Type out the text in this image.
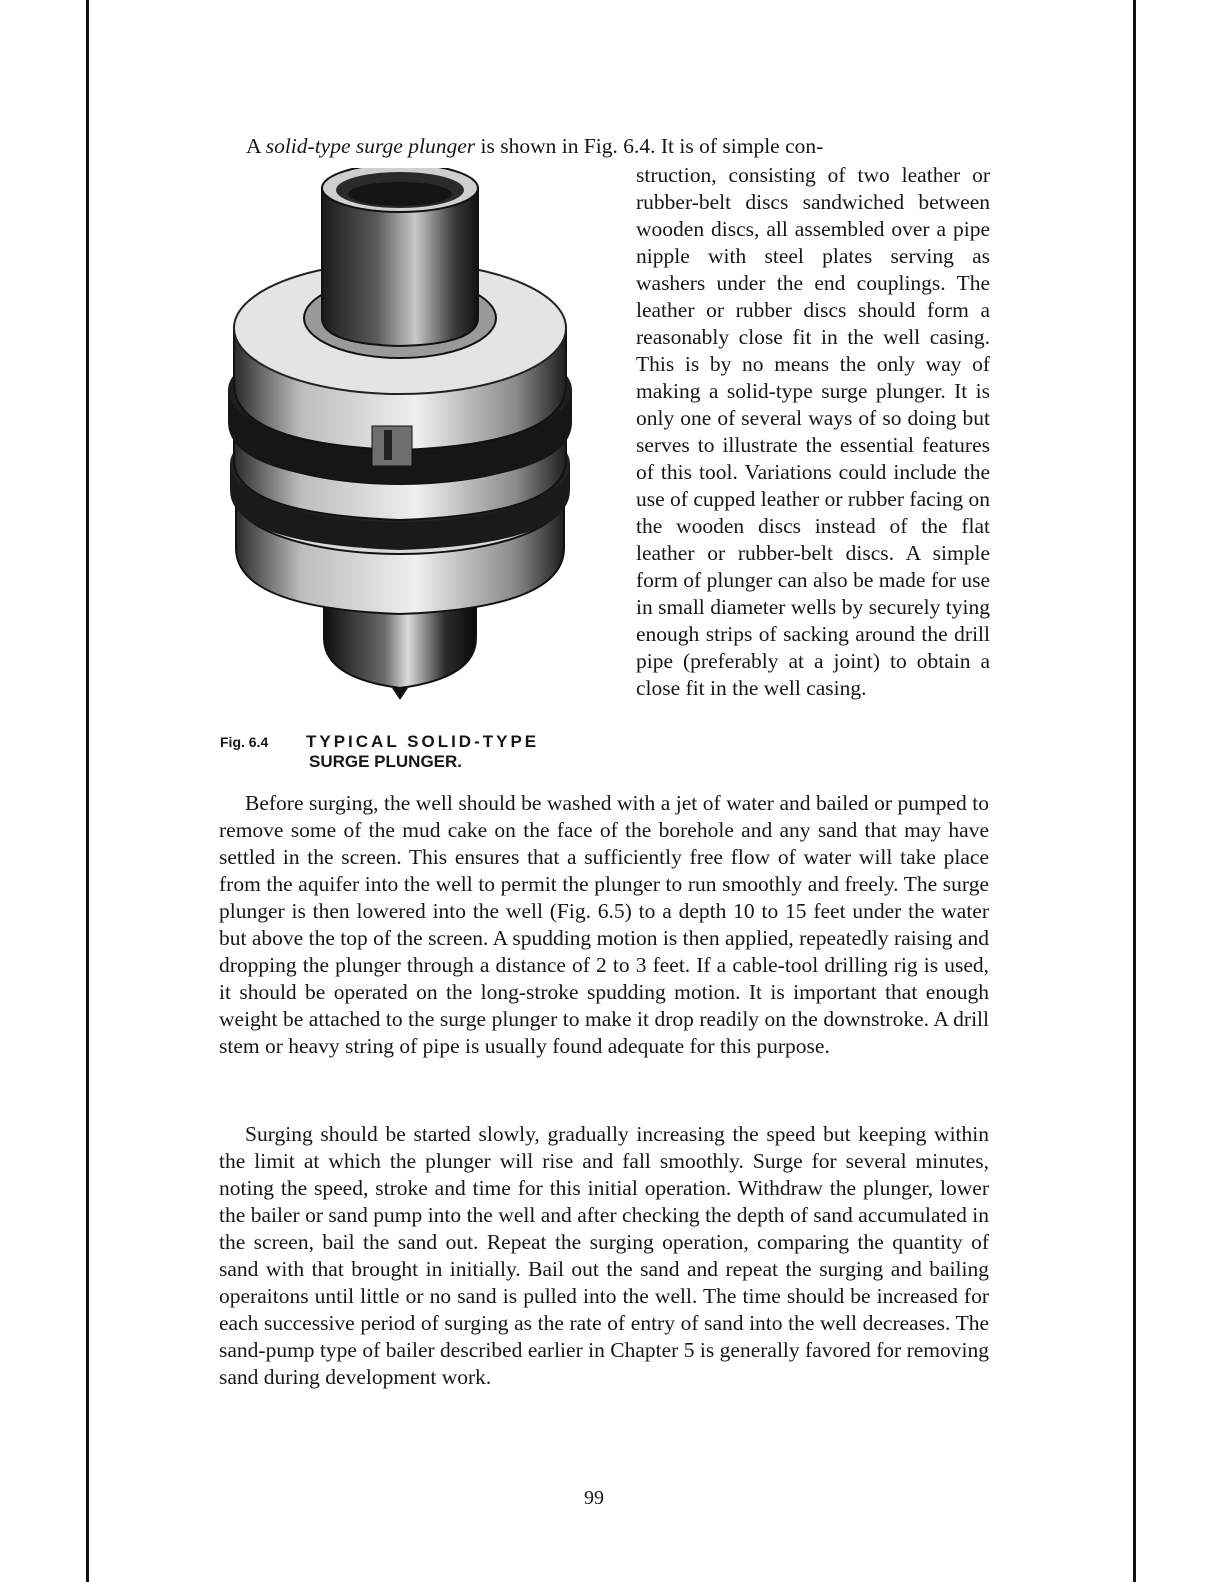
A solid-type surge plunger is shown in Fig. 6.4. It is of simple con-
struction, consisting of two leather or rubber-belt discs sandwiched between wooden discs, all assembled over a pipe nipple with steel plates serving as washers under the end couplings. The leather or rubber discs should form a reasonably close fit in the well casing. This is by no means the only way of making a solid-type surge plunger. It is only one of several ways of so doing but serves to illustrate the essential features of this tool. Variations could include the use of cupped leather or rubber facing on the wooden discs instead of the flat leather or rubber-belt discs. A simple form of plunger can also be made for use in small diameter wells by securely tying enough strips of sacking around the drill pipe (preferably at a joint) to obtain a close fit in the well casing.
Fig. 6.4 TYPICAL SOLID-TYPE
SURGE PLUNGER.

Before surging, the well should be washed with a jet of water and bailed or pumped to remove some of the mud cake on the face of the borehole and any sand that may have settled in the screen. This ensures that a sufficiently free flow of water will take place from the aquifer into the well to permit the plunger to run smoothly and freely. The surge plunger is then lowered into the well (Fig. 6.5) to a depth 10 to 15 feet under the water but above the top of the screen. A spudding motion is then applied, repeatedly raising and dropping the plunger through a distance of 2 to 3 feet. If a cable-tool drilling rig is used, it should be operated on the long-stroke spudding motion. It is important that enough weight be attached to the surge plunger to make it drop readily on the downstroke. A drill stem or heavy string of pipe is usually found adequate for this purpose.

Surging should be started slowly, gradually increasing the speed but keeping within the limit at which the plunger will rise and fall smoothly. Surge for several minutes, noting the speed, stroke and time for this initial operation. Withdraw the plunger, lower the bailer or sand pump into the well and after checking the depth of sand accumulated in the screen, bail the sand out. Repeat the surging operation, comparing the quantity of sand with that brought in initially. Bail out the sand and repeat the surging and bailing operaitons until little or no sand is pulled into the well. The time should be increased for each successive period of surging as the rate of entry of sand into the well decreases. The sand-pump type of bailer described earlier in Chapter 5 is generally favored for removing sand during development work.

99
